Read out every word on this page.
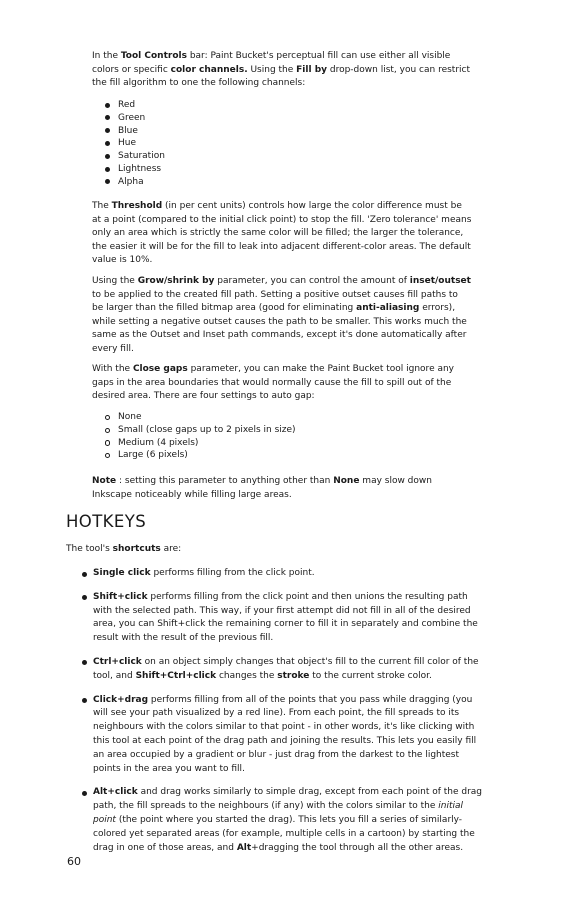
In the Tool Controls bar: Paint Bucket's perceptual fill can use either all visible colors or specific color channels. Using the Fill by drop-down list, you can restrict the fill algorithm to one the following channels:

Red
Green
Blue
Hue
Saturation
Lightness
Alpha

The Threshold (in per cent units) controls how large the color difference must be at a point (compared to the initial click point) to stop the fill. 'Zero tolerance' means only an area which is strictly the same color will be filled; the larger the tolerance, the easier it will be for the fill to leak into adjacent different-color areas. The default value is 10%.

Using the Grow/shrink by parameter, you can control the amount of inset/outset to be applied to the created fill path. Setting a positive outset causes fill paths to be larger than the filled bitmap area (good for eliminating anti-aliasing errors), while setting a negative outset causes the path to be smaller. This works much the same as the Outset and Inset path commands, except it's done automatically after every fill.

With the Close gaps parameter, you can make the Paint Bucket tool ignore any gaps in the area boundaries that would normally cause the fill to spill out of the desired area. There are four settings to auto gap:

None
Small (close gaps up to 2 pixels in size)
Medium (4 pixels)
Large (6 pixels)

Note : setting this parameter to anything other than None may slow down Inkscape noticeably while filling large areas.

HOTKEYS

The tool's shortcuts are:

Single click performs filling from the click point.

Shift+click performs filling from the click point and then unions the resulting path with the selected path. This way, if your first attempt did not fill in all of the desired area, you can Shift+click the remaining corner to fill it in separately and combine the result with the result of the previous fill.

Ctrl+click on an object simply changes that object's fill to the current fill color of the tool, and Shift+Ctrl+click changes the stroke to the current stroke color.

Click+drag performs filling from all of the points that you pass while dragging (you will see your path visualized by a red line). From each point, the fill spreads to its neighbours with the colors similar to that point - in other words, it's like clicking with this tool at each point of the drag path and joining the results. This lets you easily fill an area occupied by a gradient or blur - just drag from the darkest to the lightest points in the area you want to fill.

Alt+click and drag works similarly to simple drag, except from each point of the drag path, the fill spreads to the neighbours (if any) with the colors similar to the initial point (the point where you started the drag). This lets you fill a series of similarly-colored yet separated areas (for example, multiple cells in a cartoon) by starting the drag in one of those areas, and Alt+dragging the tool through all the other areas.

60
